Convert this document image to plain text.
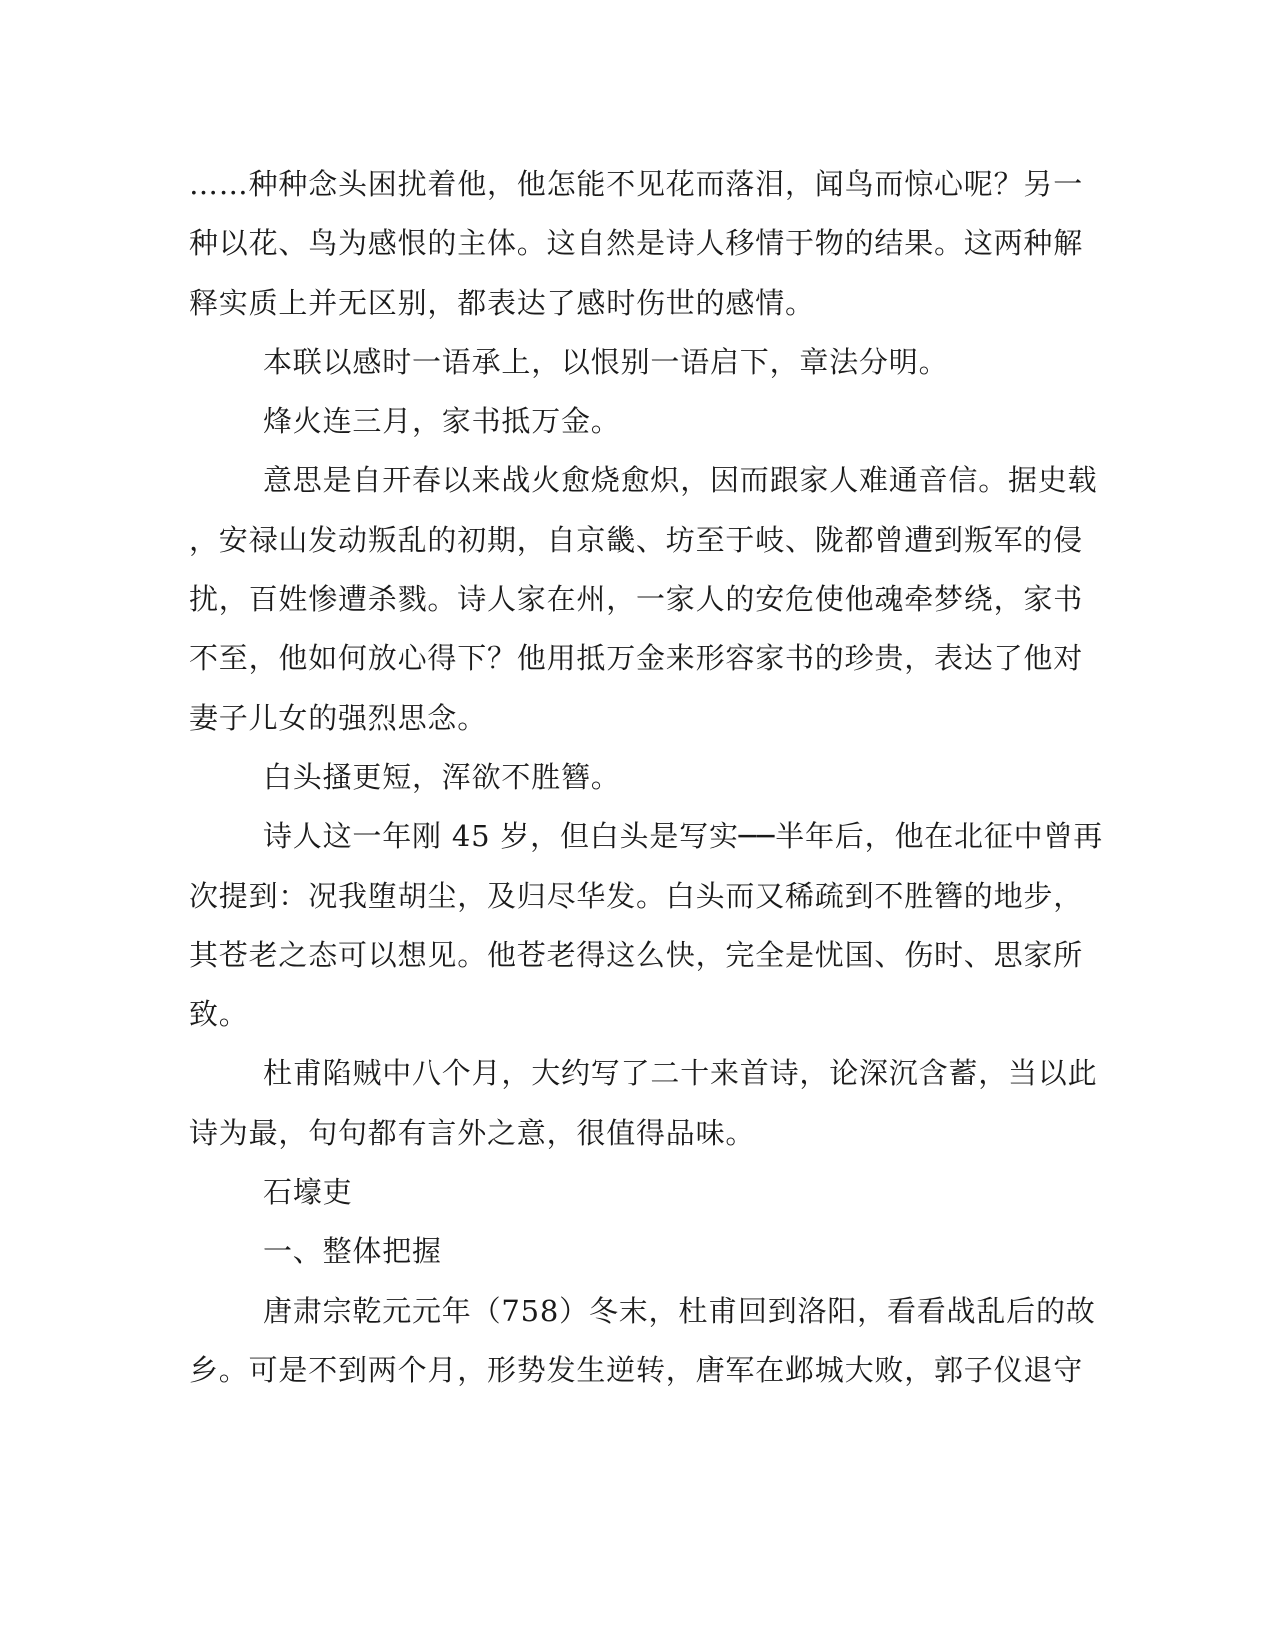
……种种念头困扰着他，他怎能不见花而落泪，闻鸟而惊心呢？另一
种以花、鸟为感恨的主体。这自然是诗人移情于物的结果。这两种解
释实质上并无区别，都表达了感时伤世的感情。
本联以感时一语承上，以恨别一语启下，章法分明。
烽火连三月，家书抵万金。
意思是自开春以来战火愈烧愈炽，因而跟家人难通音信。据史载
，安禄山发动叛乱的初期，自京畿、坊至于岐、陇都曾遭到叛军的侵
扰，百姓惨遭杀戮。诗人家在州，一家人的安危使他魂牵梦绕，家书
不至，他如何放心得下？他用抵万金来形容家书的珍贵，表达了他对
妻子儿女的强烈思念。
白头搔更短，浑欲不胜簪。
诗人这一年刚 45 岁，但白头是写实──半年后，他在北征中曾再
次提到：况我堕胡尘，及归尽华发。白头而又稀疏到不胜簪的地步，
其苍老之态可以想见。他苍老得这么快，完全是忧国、伤时、思家所
致。
杜甫陷贼中八个月，大约写了二十来首诗，论深沉含蓄，当以此
诗为最，句句都有言外之意，很值得品味。
石壕吏
一、整体把握
唐肃宗乾元元年（758）冬末，杜甫回到洛阳，看看战乱后的故
乡。可是不到两个月，形势发生逆转，唐军在邺城大败，郭子仪退守
